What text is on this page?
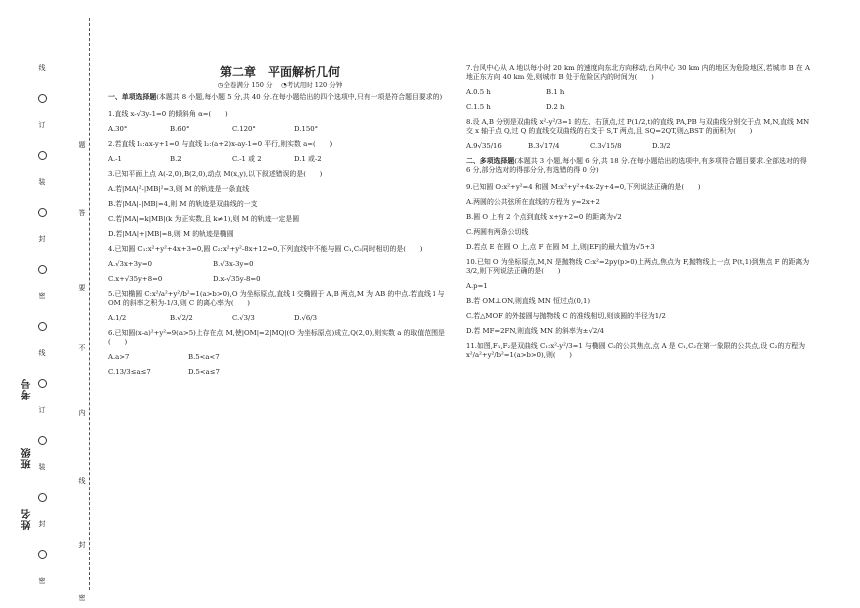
线
订
装
封
密
线
订
装
封
密
题
答
要
不
内
线
封
密
考号
班级
姓名
第二章　平面解析几何
◷全卷满分 150 分　 ◔考试用时 120 分钟
一、单项选择题(本题共 8 小题,每小题 5 分,共 40 分.在每小题给出的四个选项中,只有一项是符合题目要求的)
1.直线 x-√3y-1=0 的倾斜角 α=(　　)
A.30°	B.60°	C.120°	D.150°
2.若直线 l₁:ax-y+1=0 与直线 l₂:(a+2)x-ay-1=0 平行,则实数 a=(　　)
A.-1	B.2	C.-1 或 2	D.1 或-2
3.已知平面上点 A(-2,0),B(2,0),动点 M(x,y),以下叙述错误的是(　　)
A.若|MA|²-|MB|²=3,则 M 的轨迹是一条直线
B.若|MA|-|MB|=4,则 M 的轨迹是双曲线的一支
C.若|MA|=k|MB|(k 为正实数,且 k≠1),则 M 的轨迹一定是圆
D.若|MA|+|MB|=8,则 M 的轨迹是椭圆
4.已知圆 C₁:x²+y²+4x+3=0,圆 C₂:x²+y²-8x+12=0,下列直线中不能与圆 C₁,C₂同时相切的是(　　)
A.√3x+3y=0	B.√3x-3y=0
C.x+√35y+8=0	D.x-√35y-8=0
5.已知椭圆 C:x²/a²+y²/b²=1(a>b>0),O 为坐标原点,直线 l 交椭圆于 A,B 两点,M 为 AB 的中点.若直线 l 与 OM 的斜率之积为-1/3,则 C 的离心率为(　　)
A.1/2	B.√2/2	C.√3/3	D.√6/3
6.已知圆(x-a)²+y²=9(a>5)上存在点 M,使|OM|=2|MQ|(O 为坐标原点)成立,Q(2,0),则实数 a 的取值范围是(　　)
A.a>7	B.5<a<7
C.13/3≤a≤7	D.5<a≤7
7.台风中心从 A 地以每小时 20 km 的速度向东北方向移动,台风中心 30 km 内的地区为危险地区,若城市 B 在 A 地正东方向 40 km 处,则城市 B 处于危险区内的时间为(　　)
A.0.5 h	B.1 h
C.1.5 h	D.2 h
8.设 A,B 分别是双曲线 x²-y²/3=1 的左、右顶点,过 P(1/2,t)的直线 PA,PB 与双曲线分别交于点 M,N,直线 MN 交 x 轴于点 Q,过 Q 的直线交双曲线的右支于 S,T 两点,且 SQ=2QT,则△BST 的面积为(　　)
A.9√35/16	B.3√17/4	C.3√15/8	D.3/2
二、多项选择题(本题共 3 小题,每小题 6 分,共 18 分.在每小题给出的选项中,有多项符合题目要求.全部选对的得 6 分,部分选对的得部分分,有选错的得 0 分)
9.已知圆 O:x²+y²=4 和圆 M:x²+y²+4x-2y+4=0,下列说法正确的是(　　)
A.两圆的公共弦所在直线的方程为 y=2x+2
B.圆 O 上有 2 个点到直线 x+y+2=0 的距离为√2
C.两圆有两条公切线
D.若点 E 在圆 O 上,点 F 在圆 M 上,则|EF|的最大值为√5+3
10.已知 O 为坐标原点,M,N 是抛物线 C:x²=2py(p>0)上两点,焦点为 F,抛物线上一点 P(t,1)到焦点 F 的距离为3/2,则下列说法正确的是(　　)
A.p=1
B.若 OM⊥ON,则直线 MN 恒过点(0,1)
C.若△MOF 的外接圆与抛物线 C 的准线相切,则该圆的半径为1/2
D.若 MF=2FN,则直线 MN 的斜率为±√2/4
11.如图,F₁,F₂是双曲线 C₁:x²-y²/3=1 与椭圆 C₂的公共焦点,点 A 是 C₁,C₂在第一象限的公共点,设 C₂的方程为x²/a²+y²/b²=1(a>b>0),则(　　)
